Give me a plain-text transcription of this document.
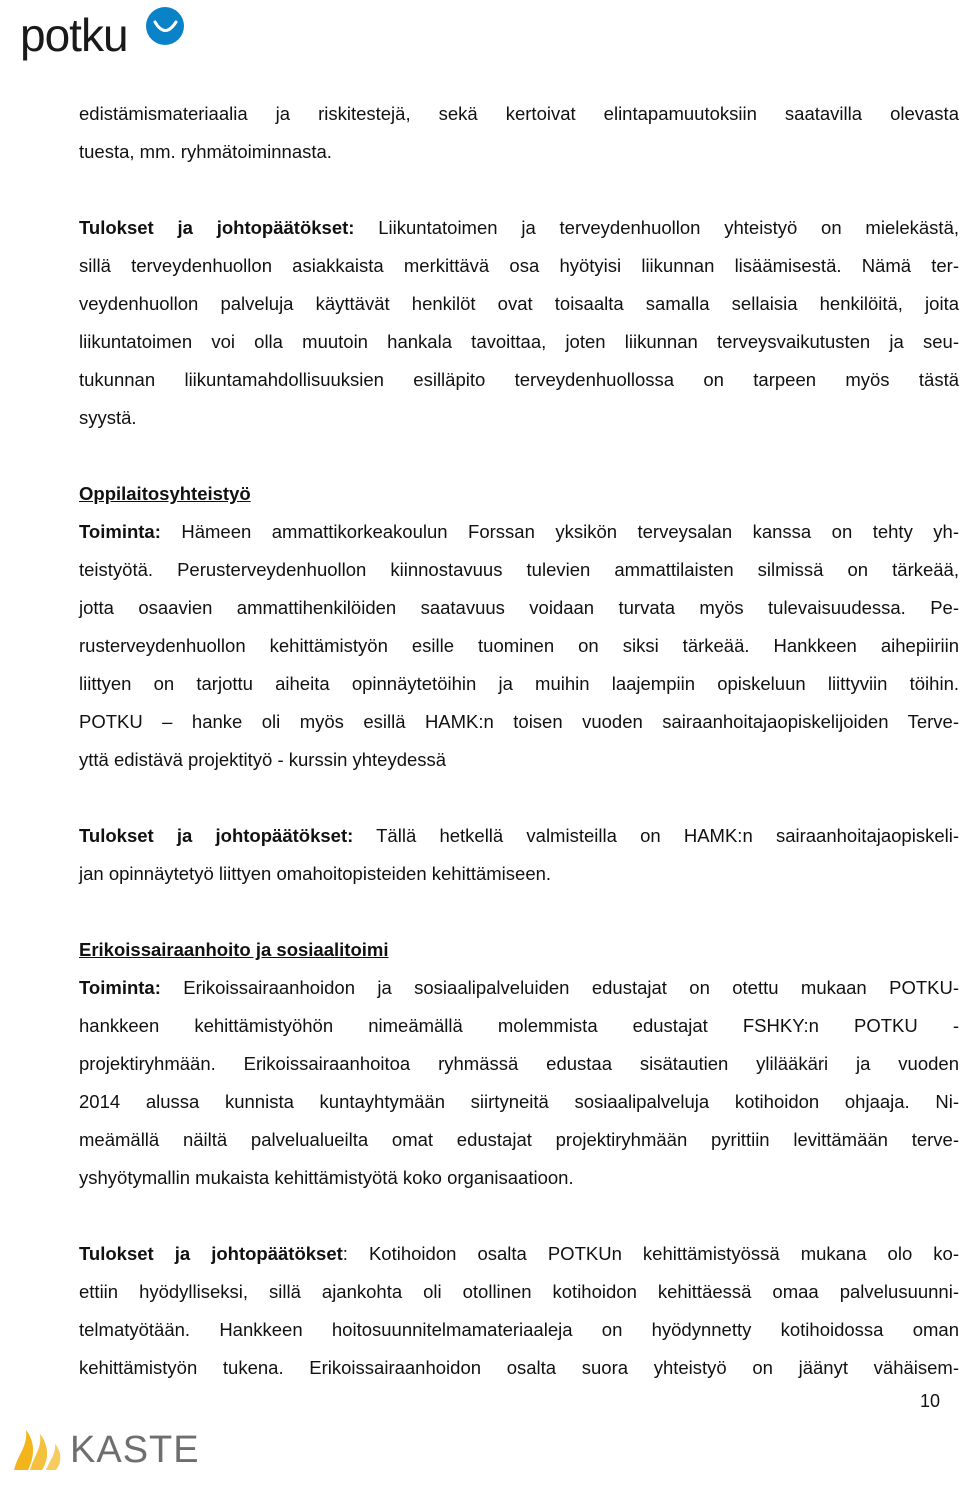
potku
edistämismateriaalia ja riskitestejä, sekä kertoivat elintapamuutoksiin saatavilla olevasta
tuesta, mm. ryhmätoiminnasta.
Tulokset ja johtopäätökset: Liikuntatoimen ja terveydenhuollon yhteistyö on mielekästä,
sillä terveydenhuollon asiakkaista merkittävä osa hyötyisi liikunnan lisäämisestä. Nämä ter-
veydenhuollon palveluja käyttävät henkilöt ovat toisaalta samalla sellaisia henkilöitä, joita
liikuntatoimen voi olla muutoin hankala tavoittaa, joten liikunnan terveysvaikutusten ja seu-
tukunnan liikuntamahdollisuuksien esilläpito terveydenhuollossa on tarpeen myös tästä
syystä.
Oppilaitosyhteistyö
Toiminta: Hämeen ammattikorkeakoulun Forssan yksikön terveysalan kanssa on tehty yh-
teistyötä. Perusterveydenhuollon kiinnostavuus tulevien ammattilaisten silmissä on tärkeää,
jotta osaavien ammattihenkilöiden saatavuus voidaan turvata myös tulevaisuudessa. Pe-
rusterveydenhuollon kehittämistyön esille tuominen on siksi tärkeää. Hankkeen aihepiiriin
liittyen on tarjottu aiheita opinnäytetöihin ja muihin laajempiin opiskeluun liittyviin töihin.
POTKU – hanke oli myös esillä HAMK:n toisen vuoden sairaanhoitajaopiskelijoiden Terve-
yttä edistävä projektityö - kurssin yhteydessä
Tulokset ja johtopäätökset: Tällä hetkellä valmisteilla on HAMK:n sairaanhoitajaopiskeli-
jan opinnäytetyö liittyen omahoitopisteiden kehittämiseen.
Erikoissairaanhoito ja sosiaalitoimi
Toiminta: Erikoissairaanhoidon ja sosiaalipalveluiden edustajat on otettu mukaan POTKU-
hankkeen kehittämistyöhön nimeämällä molemmista edustajat FSHKY:n POTKU -
projektiryhmään. Erikoissairaanhoitoa ryhmässä edustaa sisätautien ylilääkäri ja vuoden
2014 alussa kunnista kuntayhtymään siirtyneitä sosiaalipalveluja kotihoidon ohjaaja. Ni-
meämällä näiltä palvelualueilta omat edustajat projektiryhmään pyrittiin levittämään terve-
yshyötymallin mukaista kehittämistyötä koko organisaatioon.
Tulokset ja johtopäätökset: Kotihoidon osalta POTKUn kehittämistyössä mukana olo ko-
ettiin hyödylliseksi, sillä ajankohta oli otollinen kotihoidon kehittäessä omaa palvelusuunni-
telmatyötään. Hankkeen hoitosuunnitelmamateriaaleja on hyödynnetty kotihoidossa oman
kehittämistyön tukena. Erikoissairaanhoidon osalta suora yhteistyö on jäänyt vähäisem-
10
KASTE
